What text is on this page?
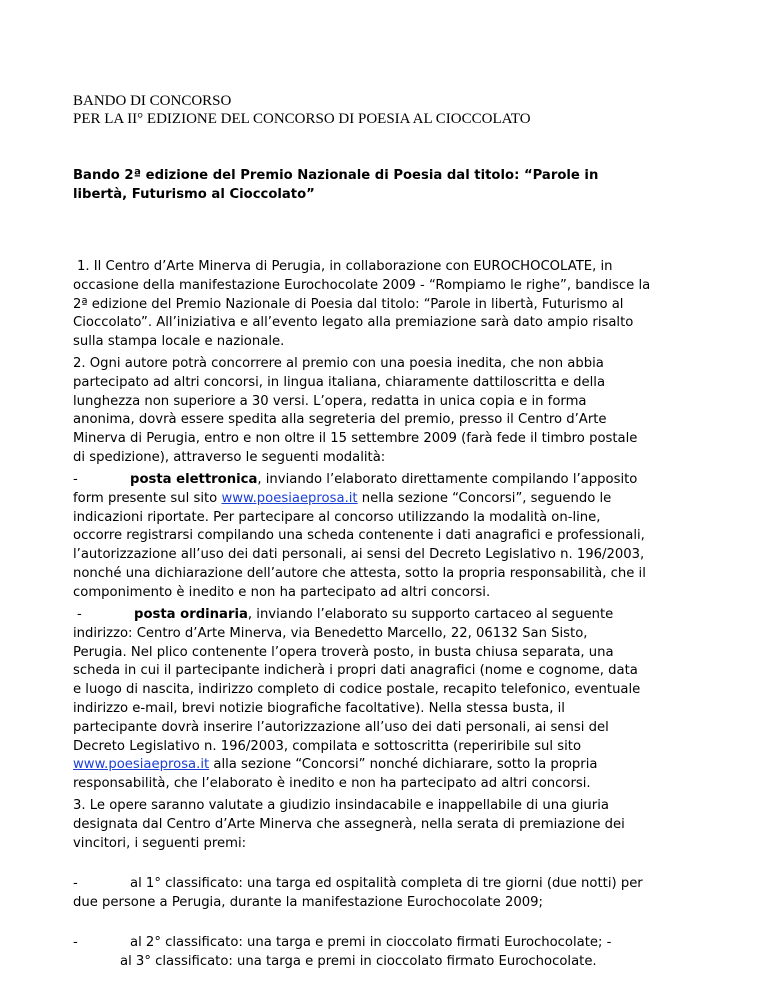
BANDO DI CONCORSO
PER LA II° EDIZIONE DEL CONCORSO DI POESIA AL CIOCCOLATO
Bando 2ª edizione del Premio Nazionale di Poesia dal titolo: “Parole in
libertà, Futurismo al Cioccolato”
1. Il Centro d’Arte Minerva di Perugia, in collaborazione con EUROCHOCOLATE, in
occasione della manifestazione Eurochocolate 2009 - “Rompiamo le righe”, bandisce la
2ª edizione del Premio Nazionale di Poesia dal titolo: “Parole in libertà, Futurismo al
Cioccolato”. All’iniziativa e all’evento legato alla premiazione sarà dato ampio risalto
sulla stampa locale e nazionale.
2. Ogni autore potrà concorrere al premio con una poesia inedita, che non abbia
partecipato ad altri concorsi, in lingua italiana, chiaramente dattiloscritta e della
lunghezza non superiore a 30 versi. L’opera, redatta in unica copia e in forma
anonima, dovrà essere spedita alla segreteria del premio, presso il Centro d’Arte
Minerva di Perugia, entro e non oltre il 15 settembre 2009 (farà fede il timbro postale
di spedizione), attraverso le seguenti modalità:
-	posta elettronica, inviando l’elaborato direttamente compilando l’apposito
form presente sul sito www.poesiaeprosa.it nella sezione “Concorsi”, seguendo le
indicazioni riportate. Per partecipare al concorso utilizzando la modalità on-line,
occorre registrarsi compilando una scheda contenente i dati anagrafici e professionali,
l’autorizzazione all’uso dei dati personali, ai sensi del Decreto Legislativo n. 196/2003,
nonché una dichiarazione dell’autore che attesta, sotto la propria responsabilità, che il
componimento è inedito e non ha partecipato ad altri concorsi.
-	posta ordinaria, inviando l’elaborato su supporto cartaceo al seguente
indirizzo: Centro d’Arte Minerva, via Benedetto Marcello, 22, 06132 San Sisto,
Perugia. Nel plico contenente l’opera troverà posto, in busta chiusa separata, una
scheda in cui il partecipante indicherà i propri dati anagrafici (nome e cognome, data
e luogo di nascita, indirizzo completo di codice postale, recapito telefonico, eventuale
indirizzo e-mail, brevi notizie biografiche facoltative). Nella stessa busta, il
partecipante dovrà inserire l’autorizzazione all’uso dei dati personali, ai sensi del
Decreto Legislativo n. 196/2003, compilata e sottoscritta (reperiribile sul sito
www.poesiaeprosa.it alla sezione “Concorsi” nonché dichiarare, sotto la propria
responsabilità, che l’elaborato è inedito e non ha partecipato ad altri concorsi.
3. Le opere saranno valutate a giudizio insindacabile e inappellabile di una giuria
designata dal Centro d’Arte Minerva che assegnerà, nella serata di premiazione dei
vincitori, i seguenti premi:
-	al 1° classificato: una targa ed ospitalità completa di tre giorni (due notti) per
due persone a Perugia, durante la manifestazione Eurochocolate 2009;
-	al 2° classificato: una targa e premi in cioccolato firmati Eurochocolate; -
al 3° classificato: una targa e premi in cioccolato firmato Eurochocolate.
